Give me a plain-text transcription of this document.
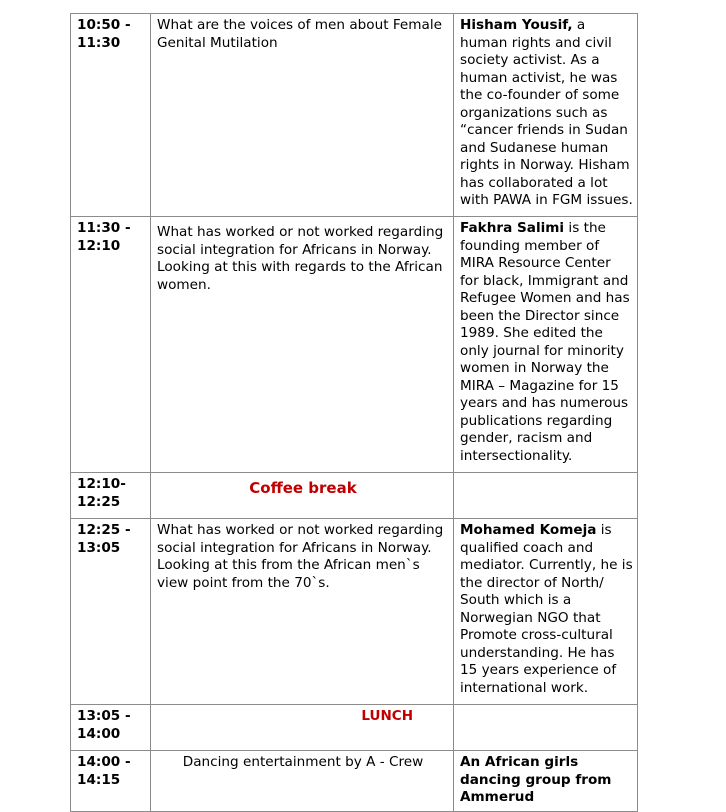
10:50 - 11:30	What are the voices of men about Female Genital Mutilation	Hisham Yousif, a human rights and civil society activist. As a human activist, he was the co-founder of some organizations such as “cancer friends in Sudan and Sudanese human rights in Norway. Hisham has collaborated a lot with PAWA in FGM issues.

11:30 - 12:10	What has worked or not worked regarding social integration for Africans in Norway. Looking at this with regards to the African women.	Fakhra Salimi is the founding member of MIRA Resource Center for black, Immigrant and Refugee Women and has been the Director since 1989. She edited the only journal for minority women in Norway the MIRA – Magazine for 15 years and has numerous publications regarding gender, racism and intersectionality.

12:10- 12:25	Coffee break	

12:25 - 13:05	What has worked or not worked regarding social integration for Africans in Norway. Looking at this from the African men`s view point from the 70`s.	Mohamed Komeja is qualified coach and mediator. Currently, he is the director of North/ South which is a Norwegian NGO that Promote cross-cultural understanding. He has 15 years experience of international work.

13:05 - 14:00	LUNCH	

14:00 - 14:15	Dancing entertainment by A - Crew	An African girls dancing group from Ammerud
